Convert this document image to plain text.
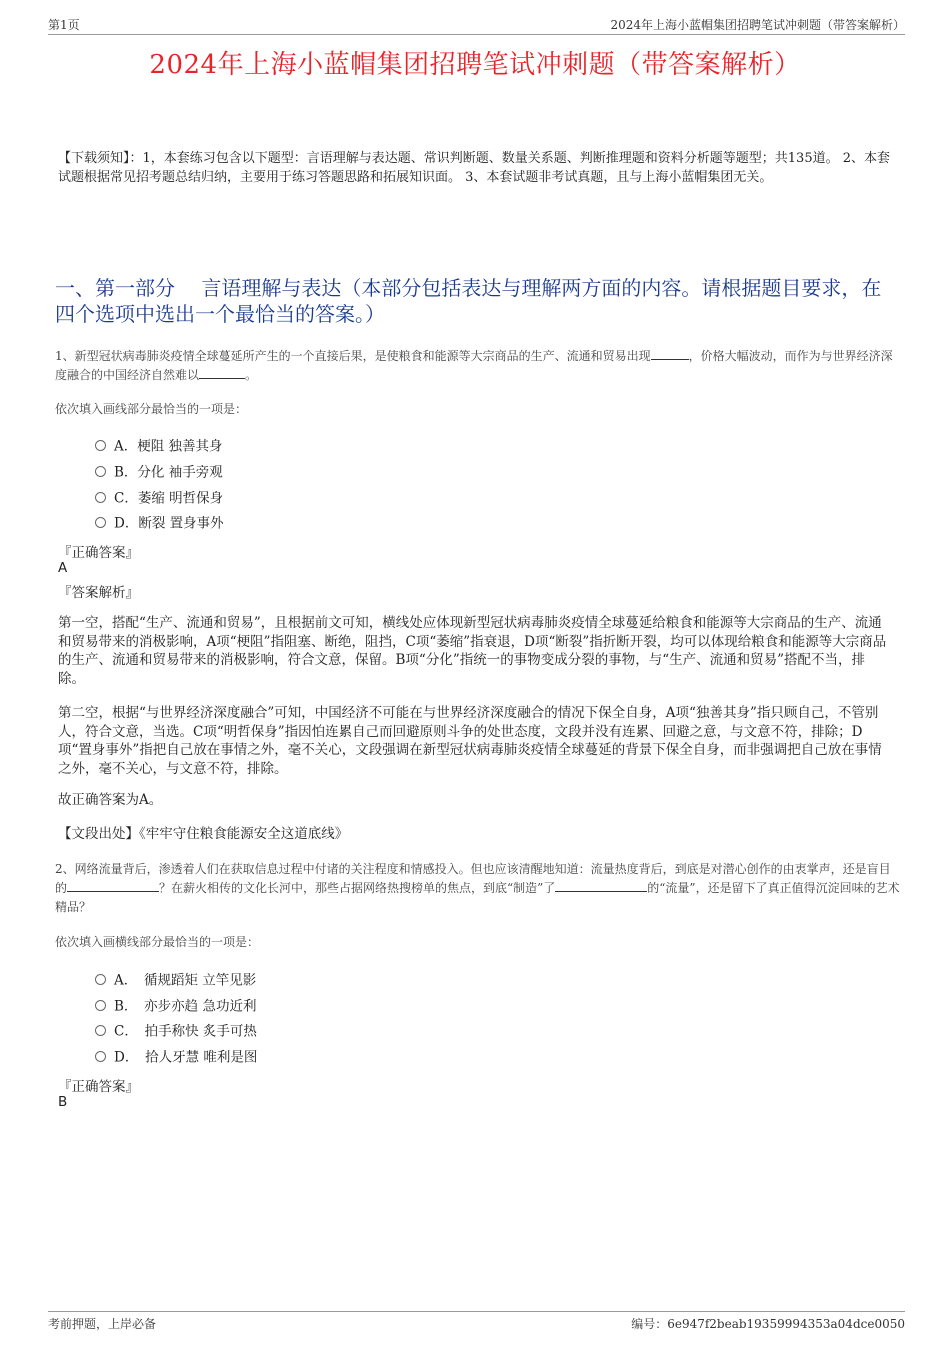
第1页	2024年上海小蓝帽集团招聘笔试冲刺题（带答案解析）
2024年上海小蓝帽集团招聘笔试冲刺题（带答案解析）

【下载须知】：1，本套练习包含以下题型：言语理解与表达题、常识判断题、数量关系题、判断推理题和资料分析题等题型；共135道。 2、本套试题根据常见招考题总结归纳，主要用于练习答题思路和拓展知识面。 3、本套试题非考试真题，且与上海小蓝帽集团无关。

一、第一部分　 言语理解与表达（本部分包括表达与理解两方面的内容。请根据题目要求，在四个选项中选出一个最恰当的答案。）

1、新型冠状病毒肺炎疫情全球蔓延所产生的一个直接后果，是使粮食和能源等大宗商品的生产、流通和贸易出现	，价格大幅波动，而作为与世界经济深度融合的中国经济自然难以	。

依次填入画线部分最恰当的一项是：

A．梗阻 独善其身
B．分化 袖手旁观
C．萎缩 明哲保身
D．断裂 置身事外
『正确答案』
A
『答案解析』

第一空，搭配“生产、流通和贸易”，且根据前文可知，横线处应体现新型冠状病毒肺炎疫情全球蔓延给粮食和能源等大宗商品的生产、流通和贸易带来的消极影响，A项“梗阻”指阻塞、断绝，阻挡，C项“萎缩”指衰退，D项“断裂”指折断开裂，均可以体现给粮食和能源等大宗商品的生产、流通和贸易带来的消极影响，符合文意，保留。B项“分化”指统一的事物变成分裂的事物，与“生产、流通和贸易”搭配不当，排除。

第二空，根据“与世界经济深度融合”可知，中国经济不可能在与世界经济深度融合的情况下保全自身，A项“独善其身”指只顾自己，不管别人，符合文意，当选。C项“明哲保身”指因怕连累自己而回避原则斗争的处世态度，文段并没有连累、回避之意，与文意不符，排除；D项“置身事外”指把自己放在事情之外，毫不关心，文段强调在新型冠状病毒肺炎疫情全球蔓延的背景下保全自身，而非强调把自己放在事情之外，毫不关心，与文意不符，排除。

故正确答案为A。

【文段出处】《牢牢守住粮食能源安全这道底线》

2、网络流量背后，渗透着人们在获取信息过程中付诸的关注程度和情感投入。但也应该清醒地知道：流量热度背后，到底是对潜心创作的由衷掌声，还是盲目的	？在薪火相传的文化长河中，那些占据网络热搜榜单的焦点，到底“制造”了	的“流量”，还是留下了真正值得沉淀回味的艺术精品？

依次填入画横线部分最恰当的一项是：

A．　循规蹈矩 立竿见影
B．　亦步亦趋 急功近利
C．　拍手称快 炙手可热
D．　拾人牙慧 唯利是图
『正确答案』
B
考前押题，上岸必备	编号：6e947f2beab19359994353a04dce0050
